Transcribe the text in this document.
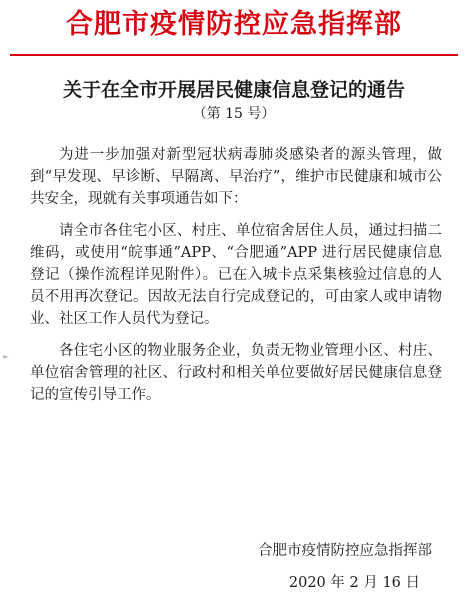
合肥市疫情防控应急指挥部
关于在全市开展居民健康信息登记的通告
（第 15 号）

为进一步加强对新型冠状病毒肺炎感染者的源头管理，做到“早发现、早诊断、早隔离、早治疗”，维护市民健康和城市公共安全，现就有关事项通告如下：

请全市各住宅小区、村庄、单位宿舍居住人员，通过扫描二维码，或使用“皖事通”APP、“合肥通”APP 进行居民健康信息登记（操作流程详见附件）。已在入城卡点采集核验过信息的人员不用再次登记。因故无法自行完成登记的，可由家人或申请物业、社区工作人员代为登记。

各住宅小区的物业服务企业，负责无物业管理小区、村庄、单位宿舍管理的社区、行政村和相关单位要做好居民健康信息登记的宣传引导工作。

合肥市疫情防控应急指挥部
2020 年 2 月 16 日
►
